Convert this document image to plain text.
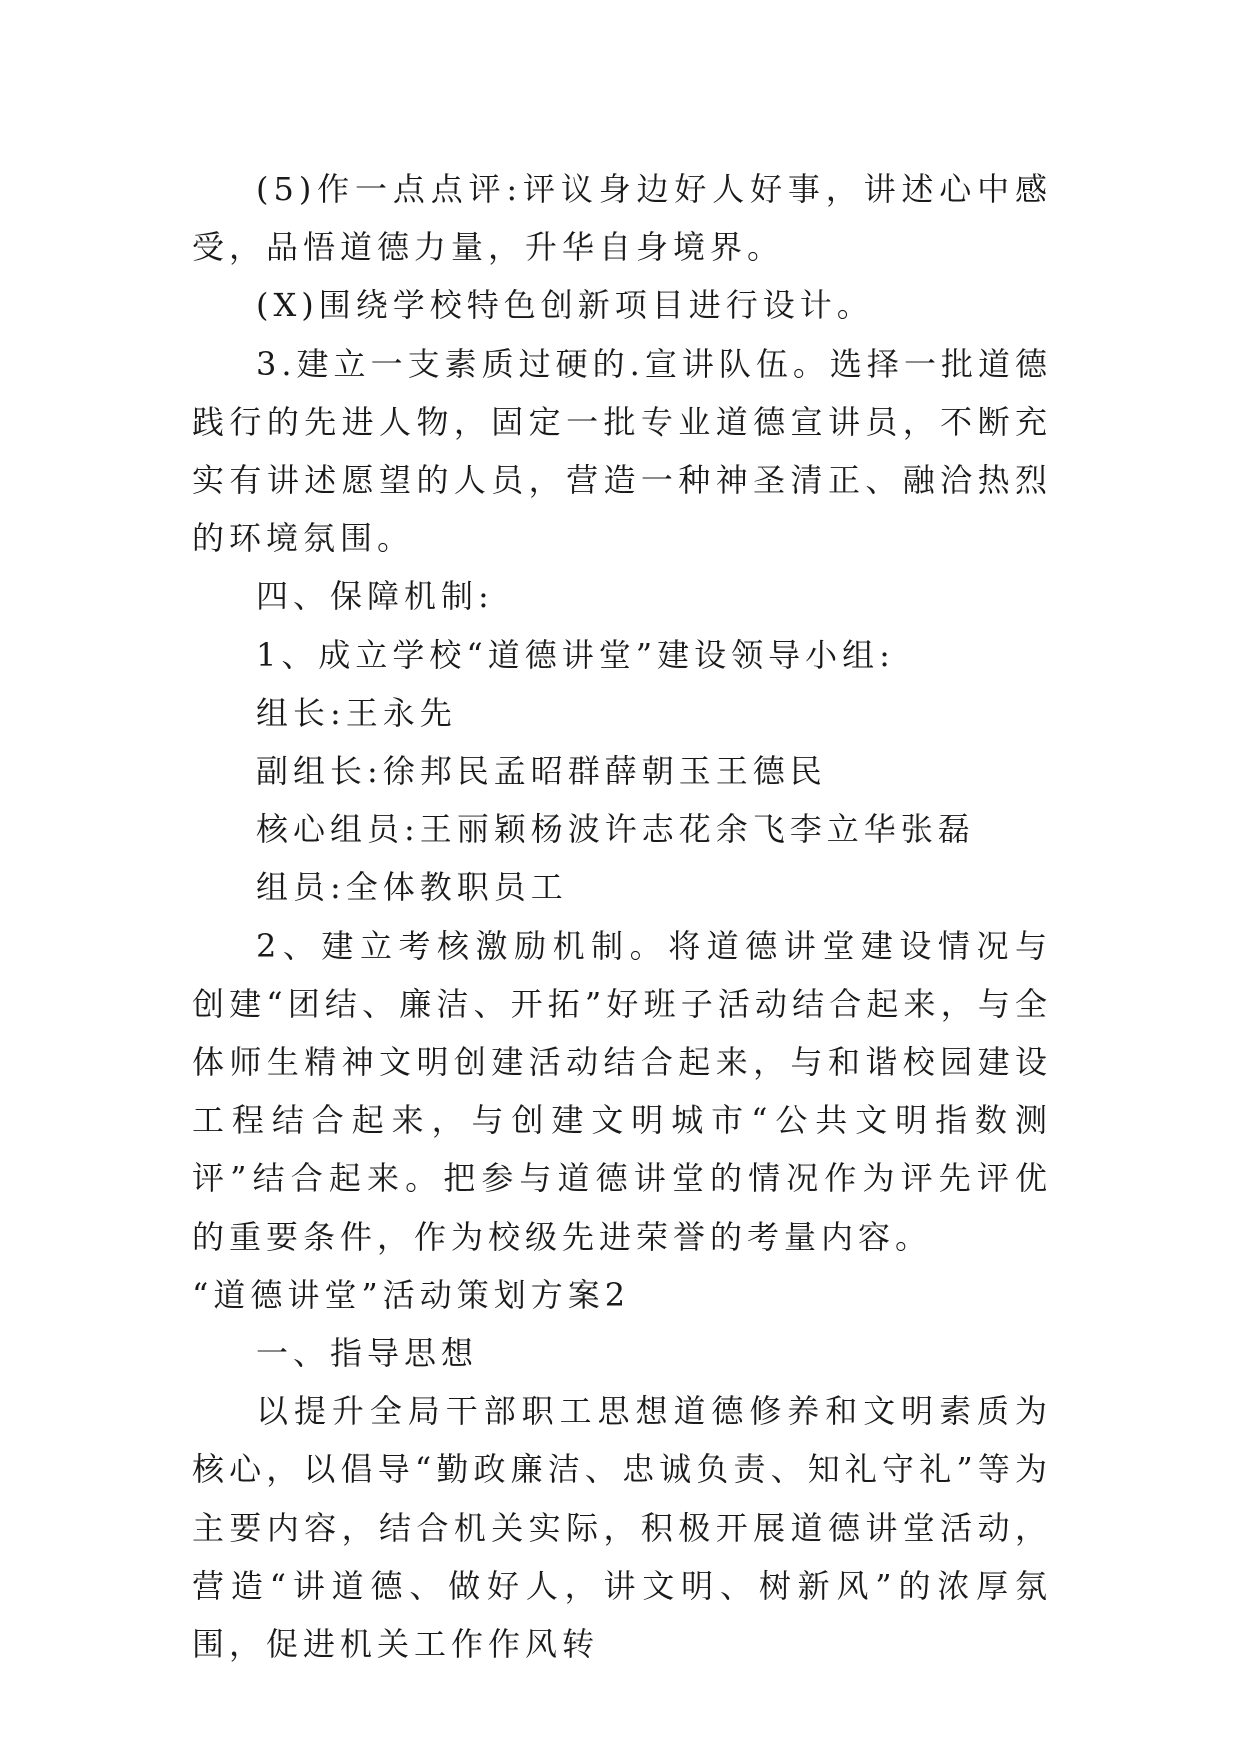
(5)作一点点评:评议身边好人好事，讲述心中感受，品悟道德力量，升华自身境界。

(X)围绕学校特色创新项目进行设计。

3.建立一支素质过硬的.宣讲队伍。选择一批道德践行的先进人物，固定一批专业道德宣讲员，不断充实有讲述愿望的人员，营造一种神圣清正、融洽热烈的环境氛围。

四、保障机制:

1、成立学校“道德讲堂”建设领导小组:

组长:王永先

副组长:徐邦民孟昭群薛朝玉王德民

核心组员:王丽颖杨波许志花余飞李立华张磊

组员:全体教职员工

2、建立考核激励机制。将道德讲堂建设情况与创建“团结、廉洁、开拓”好班子活动结合起来，与全体师生精神文明创建活动结合起来，与和谐校园建设工程结合起来，与创建文明城市“公共文明指数测评”结合起来。把参与道德讲堂的情况作为评先评优的重要条件，作为校级先进荣誉的考量内容。

“道德讲堂”活动策划方案2

一、指导思想

以提升全局干部职工思想道德修养和文明素质为核心，以倡导“勤政廉洁、忠诚负责、知礼守礼”等为主要内容，结合机关实际，积极开展道德讲堂活动，营造“讲道德、做好人，讲文明、树新风”的浓厚氛围，促进机关工作作风转
